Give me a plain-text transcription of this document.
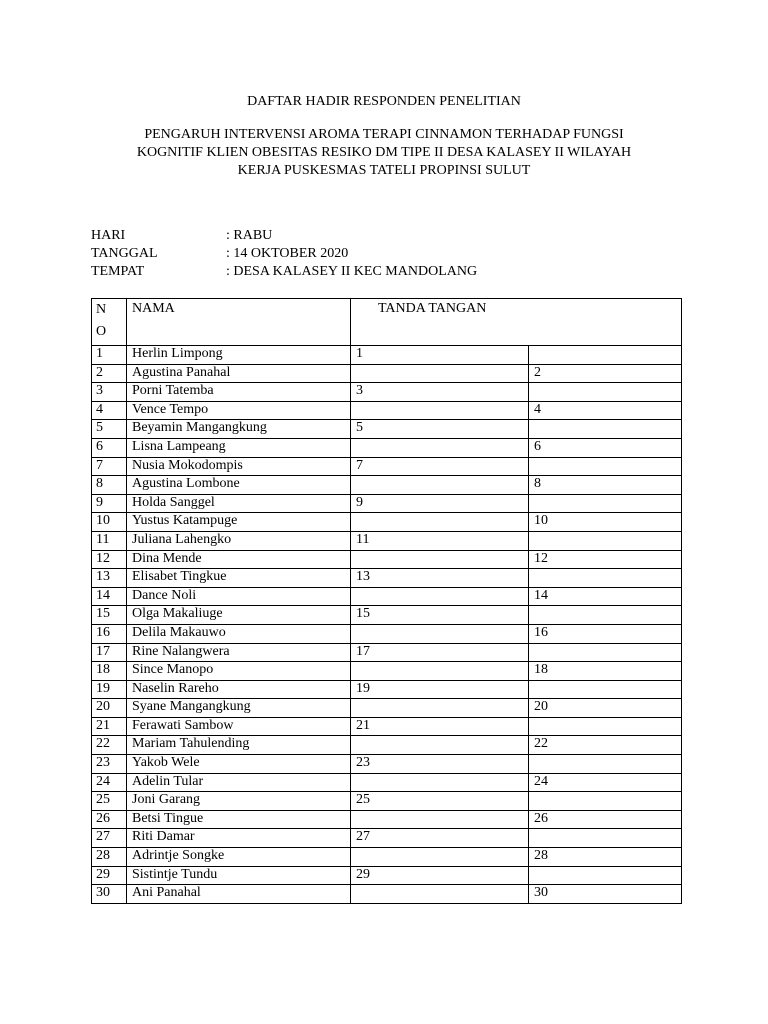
DAFTAR HADIR RESPONDEN PENELITIAN
PENGARUH INTERVENSI AROMA TERAPI CINNAMON TERHADAP FUNGSI
KOGNITIF KLIEN OBESITAS RESIKO DM TIPE II DESA KALASEY II WILAYAH
KERJA PUSKESMAS TATELI PROPINSI SULUT
HARI	: RABU
TANGGAL	: 14 OKTOBER 2020
TEMPAT	: DESA KALASEY II KEC MANDOLANG
N
O	NAMA	TANDA TANGAN	
1	Herlin Limpong	1	
2	Agustina Panahal		2
3	Porni Tatemba	3	
4	Vence Tempo		4
5	Beyamin Mangangkung	5	
6	Lisna Lampeang		6
7	Nusia Mokodompis	7	
8	Agustina Lombone		8
9	Holda Sanggel	9	
10	Yustus Katampuge		10
11	Juliana Lahengko	11	
12	Dina Mende		12
13	Elisabet Tingkue	13	
14	Dance Noli		14
15	Olga Makaliuge	15	
16	Delila Makauwo		16
17	Rine Nalangwera	17	
18	Since Manopo		18
19	Naselin Rareho	19	
20	Syane Mangangkung		20
21	Ferawati Sambow	21	
22	Mariam Tahulending		22
23	Yakob Wele	23	
24	Adelin Tular		24
25	Joni Garang	25	
26	Betsi Tingue		26
27	Riti Damar	27	
28	Adrintje Songke		28
29	Sistintje Tundu	29	
30	Ani Panahal		30
